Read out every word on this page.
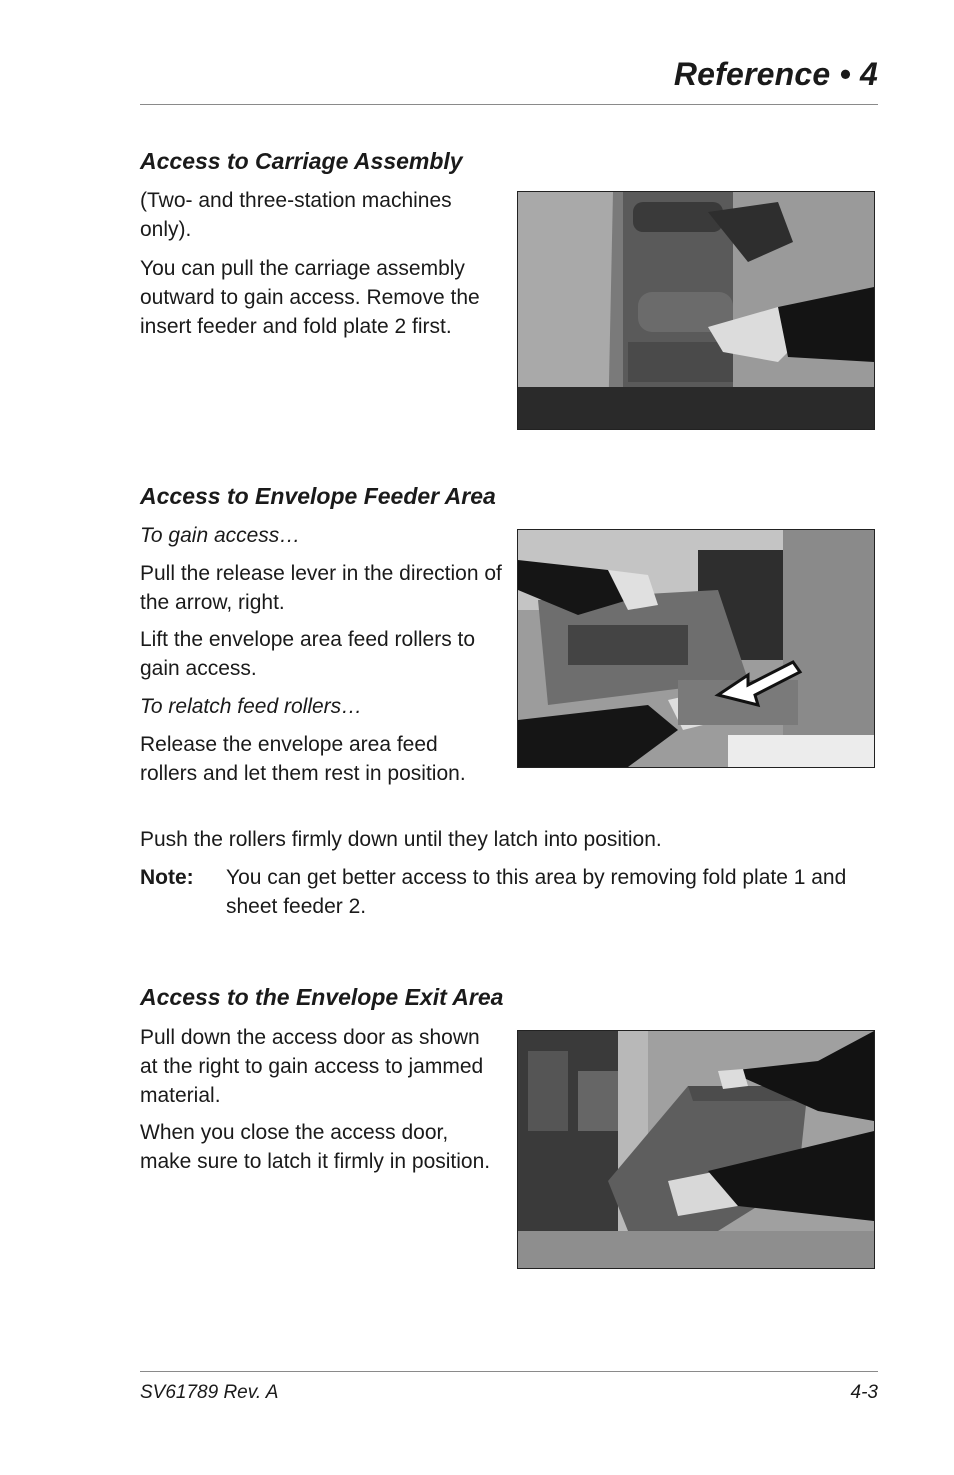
Reference • 4
Access to Carriage Assembly

(Two- and three-station machines only).

You can pull the carriage assembly outward to gain access. Remove the insert feeder and fold plate 2 first.

Access to Envelope Feeder Area

To gain access…

Pull the release lever in the direction of the arrow, right.

Lift the envelope area feed rollers to gain access.

To relatch feed rollers…

Release the envelope area feed rollers and let them rest in position.

Push the rollers firmly down until they latch into position.

Note: You can get better access to this area by removing fold plate 1 and sheet feeder 2.
Access to the Envelope Exit Area

Pull down the access door as shown at the right to gain access to jammed material.

When you close the access door, make sure to latch it firmly in position.

SV61789 Rev. A	4-3
